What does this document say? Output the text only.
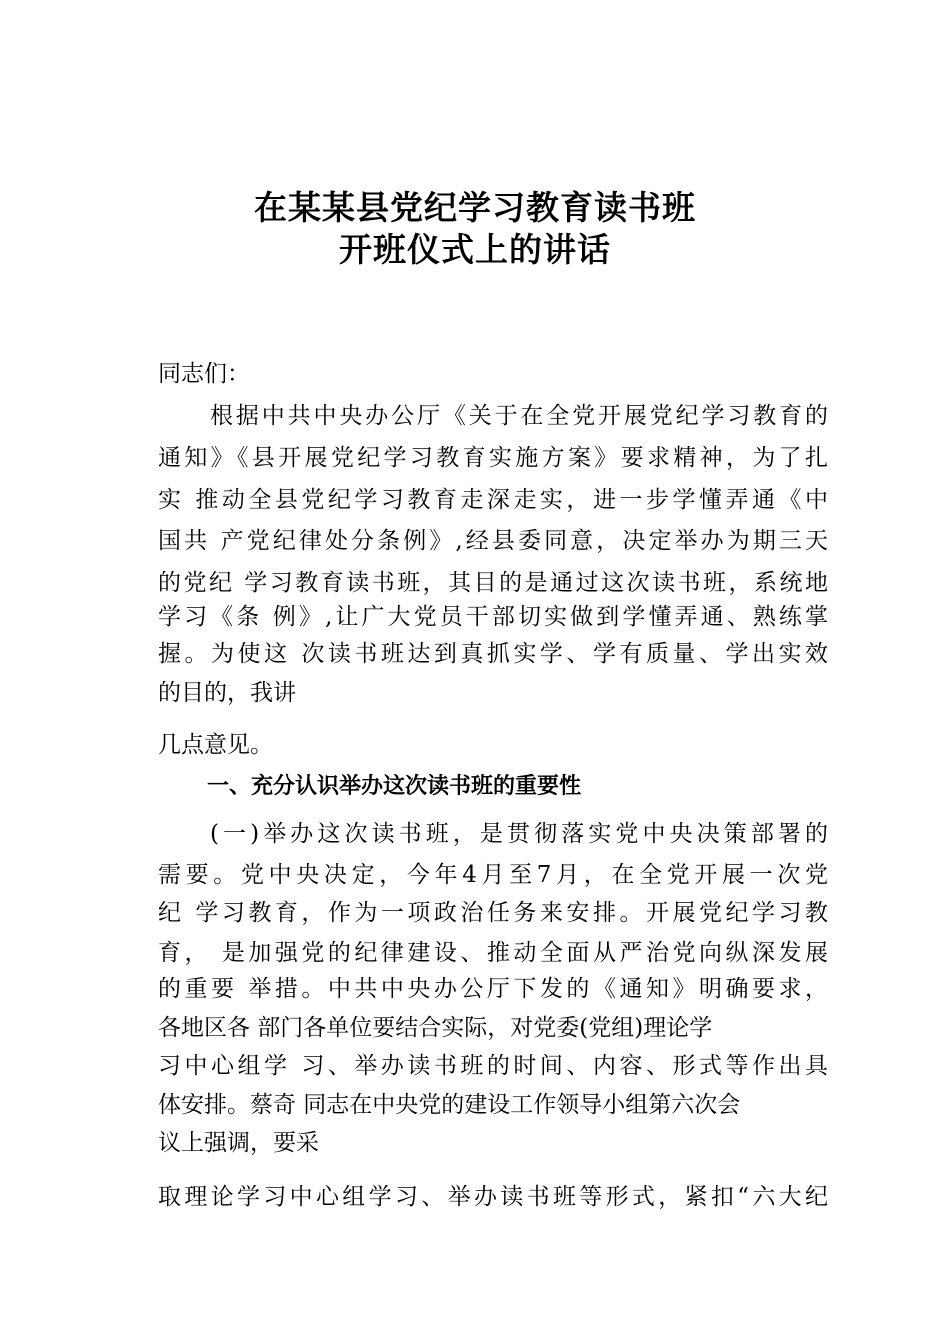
在某某县党纪学习教育读书班
开班仪式上的讲话
同志们：
根据中共中央办公厅《关于在全党开展党纪学习教育的
通知》《县开展党纪学习教育实施方案》要求精神，为了扎
实 推动全县党纪学习教育走深走实，进一步学懂弄通《中
国共 产党纪律处分条例》,经县委同意，决定举办为期三天
的党纪 学习教育读书班，其目的是通过这次读书班，系统地
学习《条 例》,让广大党员干部切实做到学懂弄通、熟练掌
握。为使这 次读书班达到真抓实学、学有质量、学出实效
的目的，我讲
几点意见。
一、充分认识举办这次读书班的重要性
(一)举办这次读书班，是贯彻落实党中央决策部署的
需要。党中央决定，今年4月至7月，在全党开展一次党
纪 学习教育，作为一项政治任务来安排。开展党纪学习教
育， 是加强党的纪律建设、推动全面从严治党向纵深发展
的重要 举措。中共中央办公厅下发的《通知》明确要求，
各地区各 部门各单位要结合实际，对党委(党组)理论学
习中心组学 习、举办读书班的时间、内容、形式等作出具
体安排。蔡奇 同志在中央党的建设工作领导小组第六次会
议上强调，要采
取理论学习中心组学习、举办读书班等形式，紧扣“六大纪
